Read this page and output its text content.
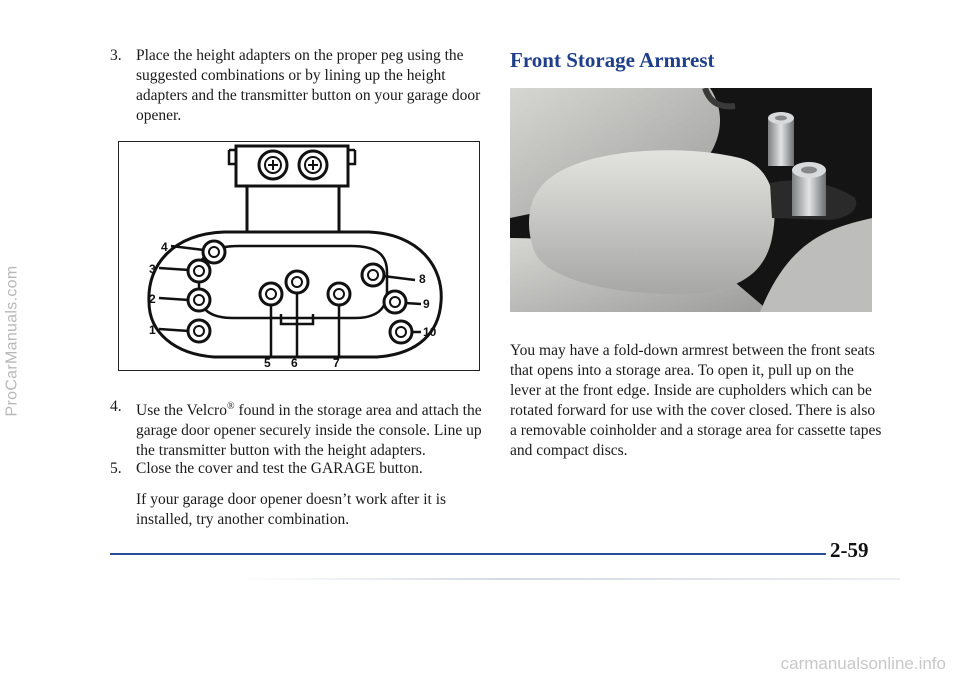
ProCarManuals.com
3. Place the height adapters on the proper peg using the suggested combinations or by lining up the height adapters and the transmitter button on your garage door opener.
4
3
2
1
8
9
10
5 6	7
4. Use the Velcro® found in the storage area and attach the garage door opener securely inside the console. Line up the transmitter button with the height adapters.
5. Close the cover and test the GARAGE button.
If your garage door opener doesn’t work after it is installed, try another combination.
Front Storage Armrest
You may have a fold-down armrest between the front seats that opens into a storage area. To open it, pull up on the lever at the front edge. Inside are cupholders which can be rotated forward for use with the cover closed. There is also a removable coinholder and a storage area for cassette tapes and compact discs.
2-59
carmanualsonline.info
